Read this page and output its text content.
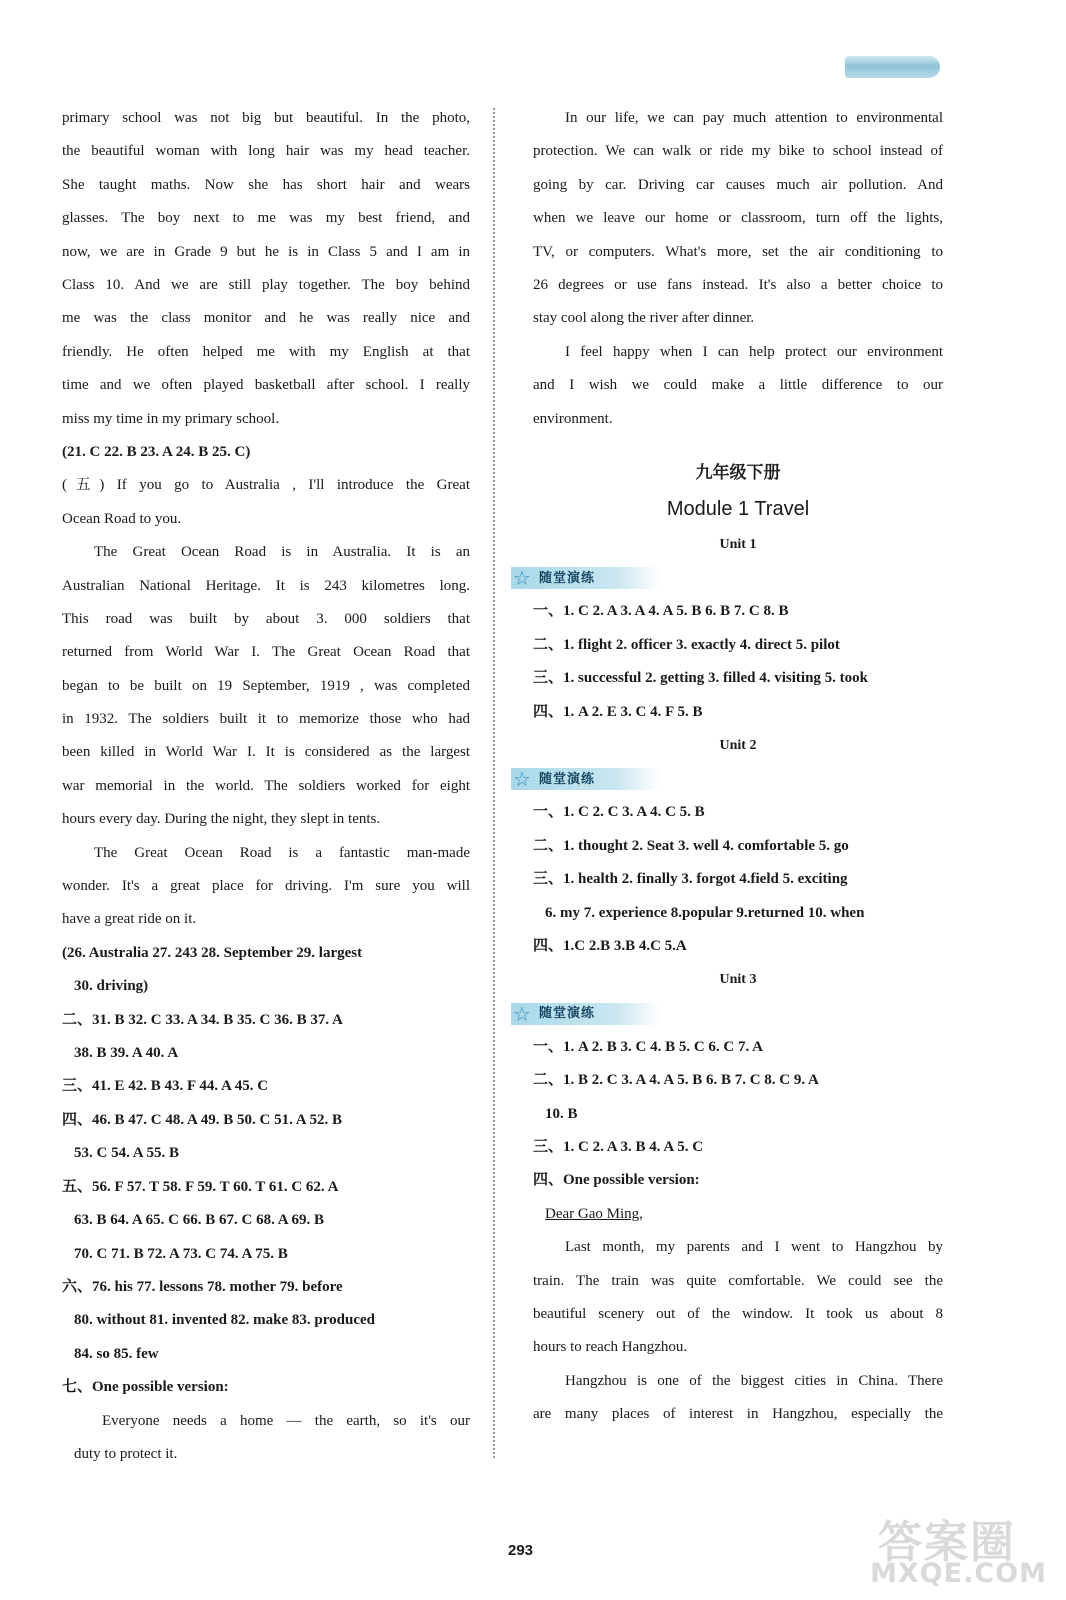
primary school was not big but beautiful. In the photo,
the beautiful woman with long hair was my head teacher.
She taught maths. Now she has short hair and wears
glasses. The boy next to me was my best friend, and
now, we are in Grade 9 but he is in Class 5 and I am in
Class 10. And we are still play together. The boy behind
me was the class monitor and he was really nice and
friendly. He often helped me with my English at that
time and we often played basketball after school. I really
miss my time in my primary school.
(21. C 22. B 23. A 24. B 25. C)
(五) If you go to Australia , I'll introduce the Great
Ocean Road to you.
The Great Ocean Road is in Australia. It is an
Australian National Heritage. It is 243 kilometres long.
This road was built by about 3. 000 soldiers that
returned from World War I. The Great Ocean Road that
began to be built on 19 September, 1919 , was completed
in 1932. The soldiers built it to memorize those who had
been killed in World War I. It is considered as the largest
war memorial in the world. The soldiers worked for eight
hours every day. During the night, they slept in tents.
The Great Ocean Road is a fantastic man-made
wonder. It's a great place for driving. I'm sure you will
have a great ride on it.
(26. Australia 27. 243 28. September 29. largest
30. driving)
二、31. B 32. C 33. A 34. B 35. C 36. B 37. A
38. B 39. A 40. A
三、41. E 42. B 43. F 44. A 45. C
四、46. B 47. C 48. A 49. B 50. C 51. A 52. B
53. C 54. A 55. B
五、56. F 57. T 58. F 59. T 60. T 61. C 62. A
63. B 64. A 65. C 66. B 67. C 68. A 69. B
70. C 71. B 72. A 73. C 74. A 75. B
六、76. his 77. lessons 78. mother 79. before
80. without 81. invented 82. make 83. produced
84. so 85. few
七、One possible version:
Everyone needs a home — the earth, so it's our
duty to protect it.
In our life, we can pay much attention to environmental
protection. We can walk or ride my bike to school instead of
going by car. Driving car causes much air pollution. And
when we leave our home or classroom, turn off the lights,
TV, or computers. What's more, set the air conditioning to
26 degrees or use fans instead. It's also a better choice to
stay cool along the river after dinner.
I feel happy when I can help protect our environment
and I wish we could make a little difference to our
environment.
九年级下册
Module 1 Travel
Unit 1
☆ 随堂演练
一、1. C 2. A 3. A 4. A 5. B 6. B 7. C 8. B
二、1. flight 2. officer 3. exactly 4. direct 5. pilot
三、1. successful 2. getting 3. filled 4. visiting 5. took
四、1. A 2. E 3. C 4. F 5. B
Unit 2
☆ 随堂演练
一、1. C 2. C 3. A 4. C 5. B
二、1. thought 2. Seat 3. well 4. comfortable 5. go
三、1. health 2. finally 3. forgot 4.field 5. exciting
6. my 7. experience 8.popular 9.returned 10. when
四、1.C 2.B 3.B 4.C 5.A
Unit 3
☆ 随堂演练
一、1. A 2. B 3. C 4. B 5. C 6. C 7. A
二、1. B 2. C 3. A 4. A 5. B 6. B 7. C 8. C 9. A
10. B
三、1. C 2. A 3. B 4. A 5. C
四、One possible version:
Dear Gao Ming,
Last month, my parents and I went to Hangzhou by
train. The train was quite comfortable. We could see the
beautiful scenery out of the window. It took us about 8
hours to reach Hangzhou.
Hangzhou is one of the biggest cities in China. There
are many places of interest in Hangzhou, especially the
293	答案圈
MXQE.COM
